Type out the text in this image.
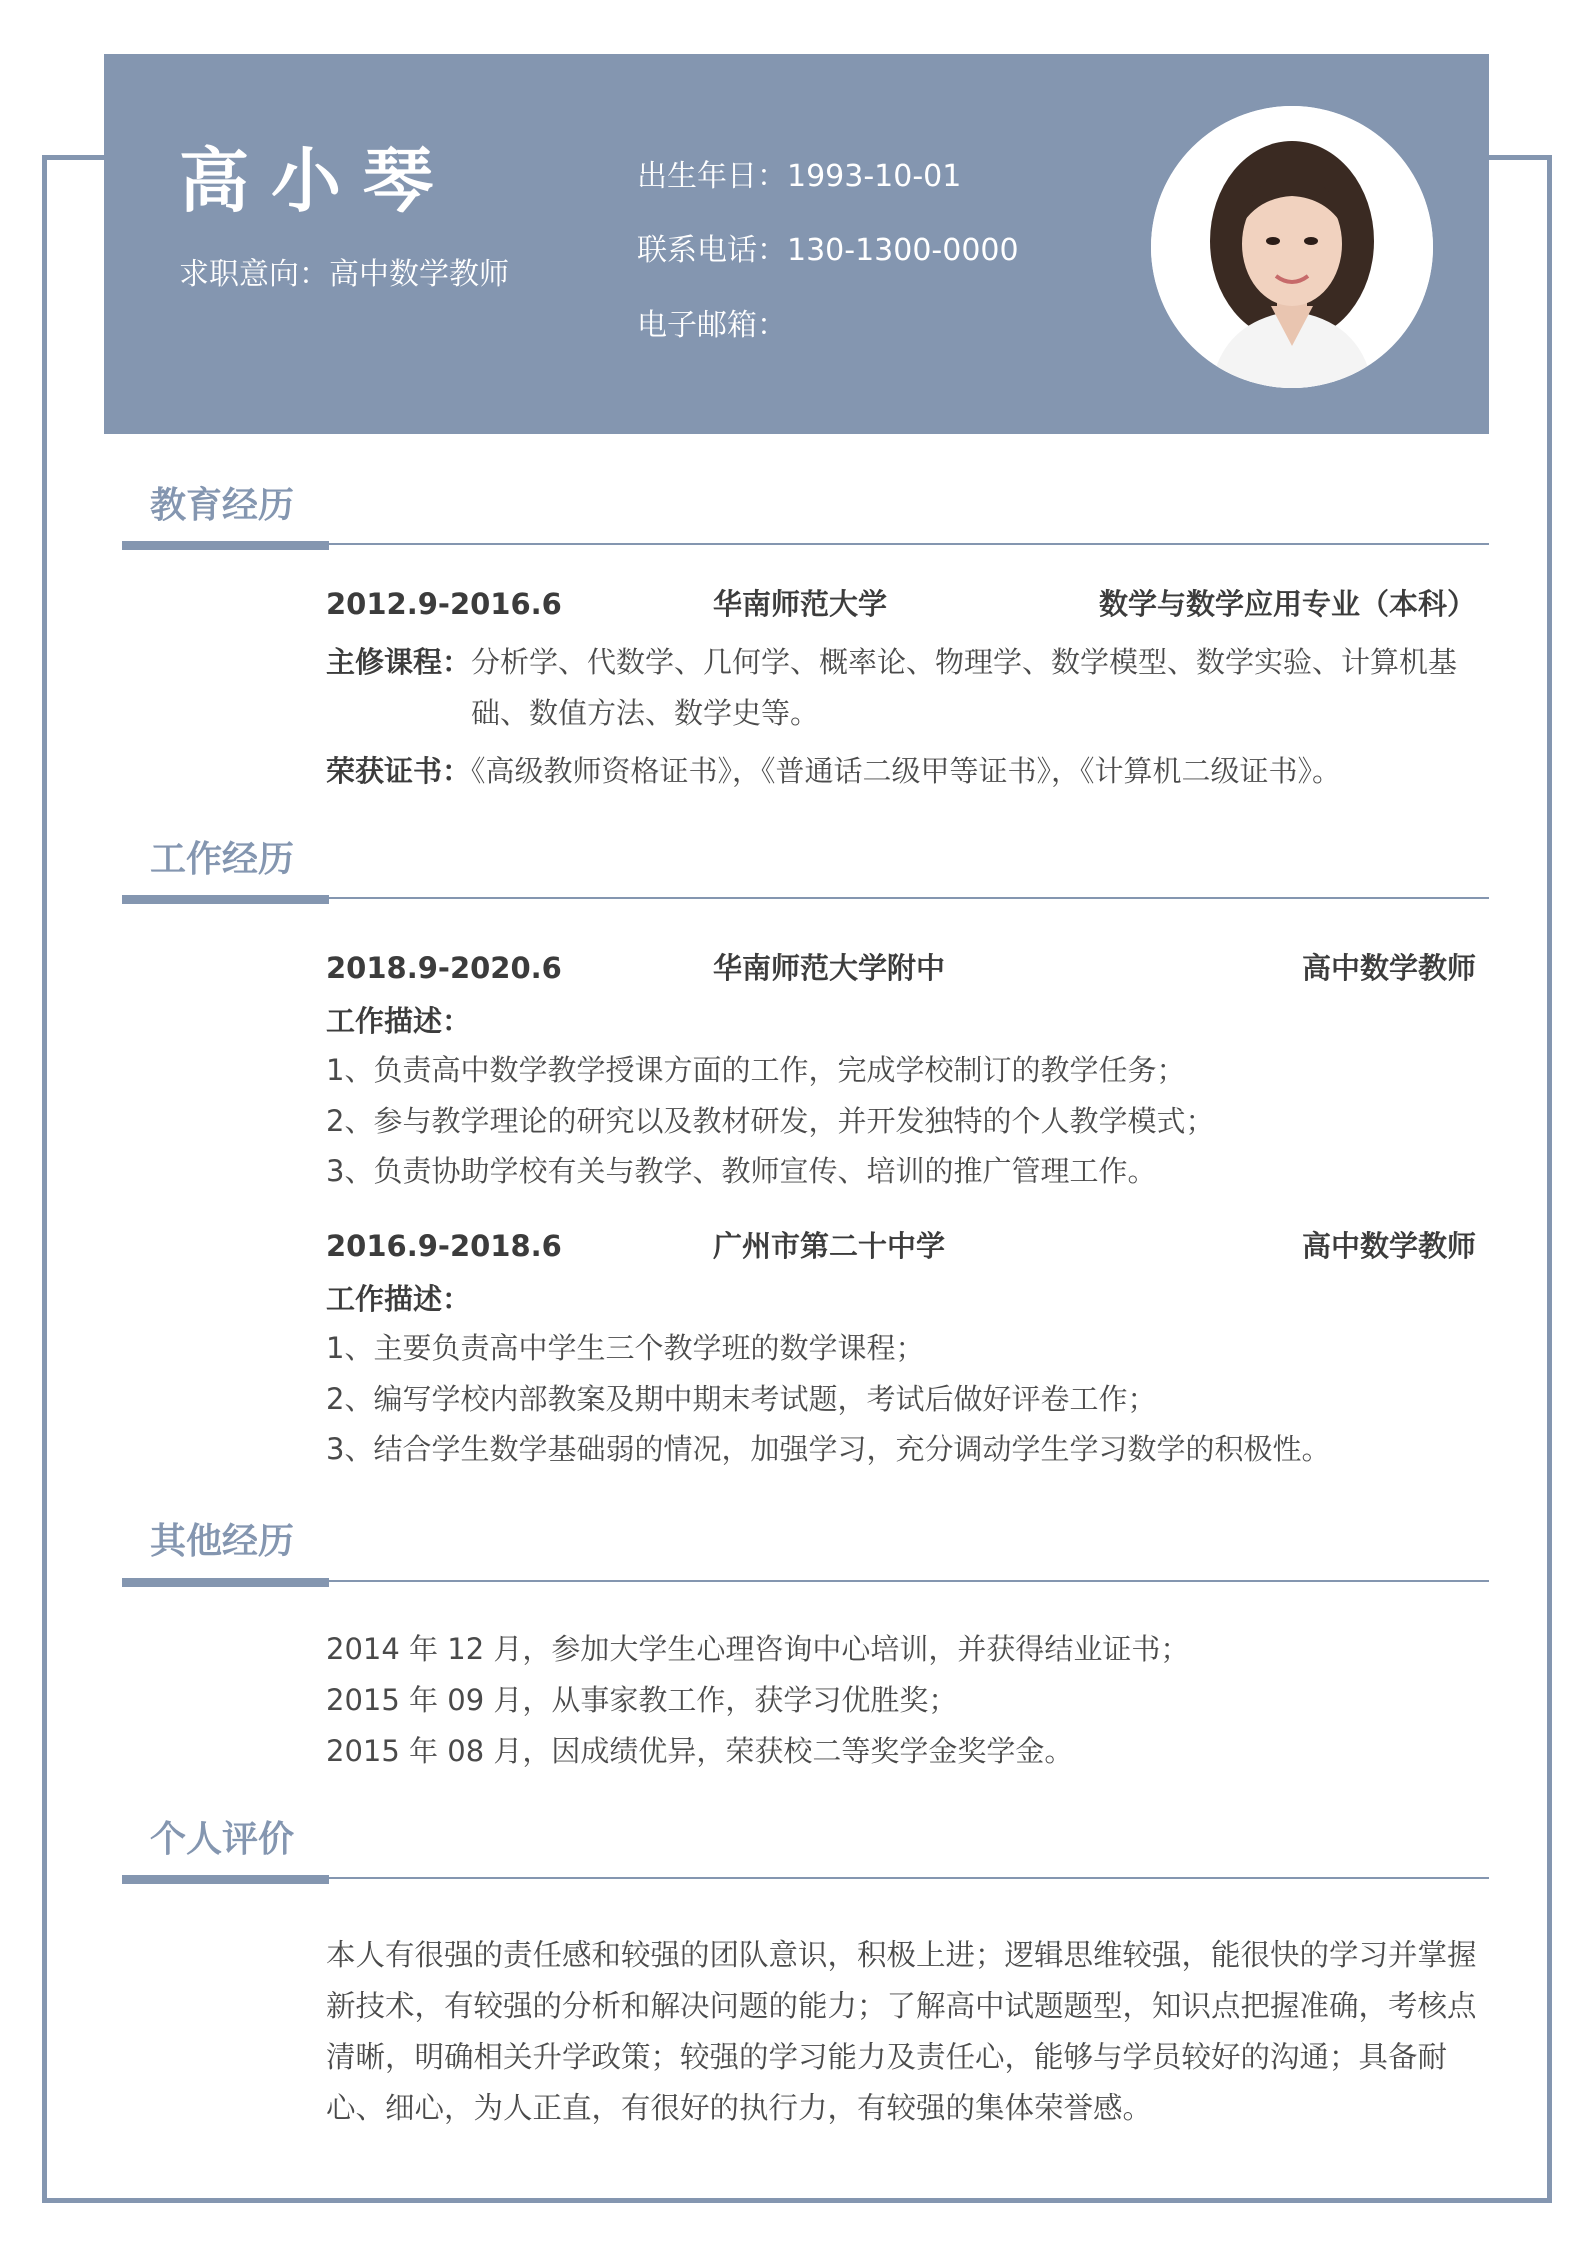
高小琴
求职意向：高中数学教师
出生年日：1993-10-01
联系电话：130-1300-0000
电子邮箱：
教育经历
2012.9-2016.6	华南师范大学	数学与数学应用专业（本科）
主修课程：分析学、代数学、几何学、概率论、物理学、数学模型、数学实验、计算机基
础、数值方法、数学史等。
荣获证书：《高级教师资格证书》，《普通话二级甲等证书》，《计算机二级证书》。
工作经历
2018.9-2020.6	华南师范大学附中	高中数学教师
工作描述：
1、负责高中数学教学授课方面的工作，完成学校制订的教学任务；
2、参与教学理论的研究以及教材研发，并开发独特的个人教学模式；
3、负责协助学校有关与教学、教师宣传、培训的推广管理工作。
2016.9-2018.6	广州市第二十中学	高中数学教师
工作描述：
1、主要负责高中学生三个教学班的数学课程；
2、编写学校内部教案及期中期末考试题，考试后做好评卷工作；
3、结合学生数学基础弱的情况，加强学习，充分调动学生学习数学的积极性。
其他经历
2014 年 12 月，参加大学生心理咨询中心培训，并获得结业证书；
2015 年 09 月，从事家教工作，获学习优胜奖；
2015 年 08 月，因成绩优异，荣获校二等奖学金奖学金。
个人评价
本人有很强的责任感和较强的团队意识，积极上进；逻辑思维较强，能很快的学习并掌握新技术，有较强的分析和解决问题的能力；了解高中试题题型，知识点把握准确，考核点清晰，明确相关升学政策；较强的学习能力及责任心，能够与学员较好的沟通；具备耐心、细心，为人正直，有很好的执行力，有较强的集体荣誉感。
